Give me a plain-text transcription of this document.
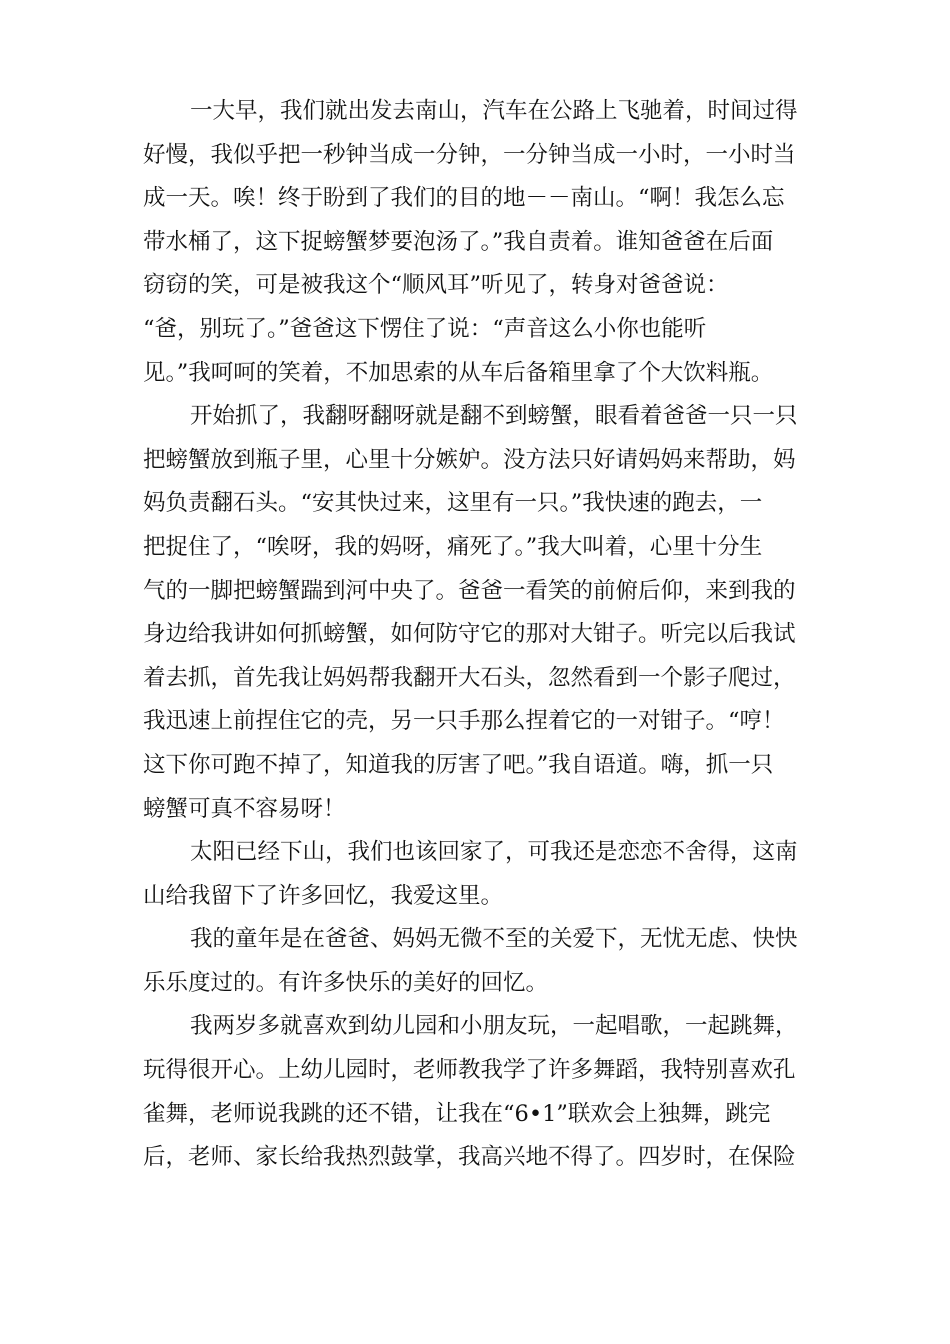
一大早，我们就出发去南山，汽车在公路上飞驰着，时间过得
好慢，我似乎把一秒钟当成一分钟，一分钟当成一小时，一小时当
成一天。唉！终于盼到了我们的目的地－－南山。“啊！我怎么忘
带水桶了，这下捉螃蟹梦要泡汤了。”我自责着。谁知爸爸在后面
窃窃的笑，可是被我这个“顺风耳”听见了，转身对爸爸说：
“爸，别玩了。”爸爸这下愣住了说：“声音这么小你也能听
见。”我呵呵的笑着，不加思索的从车后备箱里拿了个大饮料瓶。
开始抓了，我翻呀翻呀就是翻不到螃蟹，眼看着爸爸一只一只
把螃蟹放到瓶子里，心里十分嫉妒。没方法只好请妈妈来帮助，妈
妈负责翻石头。“安其快过来，这里有一只。”我快速的跑去，一
把捉住了，“唉呀，我的妈呀，痛死了。”我大叫着，心里十分生
气的一脚把螃蟹踹到河中央了。爸爸一看笑的前俯后仰，来到我的
身边给我讲如何抓螃蟹，如何防守它的那对大钳子。听完以后我试
着去抓，首先我让妈妈帮我翻开大石头，忽然看到一个影子爬过，
我迅速上前捏住它的壳，另一只手那么捏着它的一对钳子。“哼！
这下你可跑不掉了，知道我的厉害了吧。”我自语道。嗨，抓一只
螃蟹可真不容易呀！
太阳已经下山，我们也该回家了，可我还是恋恋不舍得，这南
山给我留下了许多回忆，我爱这里。
我的童年是在爸爸、妈妈无微不至的关爱下，无忧无虑、快快
乐乐度过的。有许多快乐的美好的回忆。
我两岁多就喜欢到幼儿园和小朋友玩，一起唱歌，一起跳舞，
玩得很开心。上幼儿园时，老师教我学了许多舞蹈，我特别喜欢孔
雀舞，老师说我跳的还不错，让我在“6•1”联欢会上独舞，跳完
后，老师、家长给我热烈鼓掌，我高兴地不得了。四岁时，在保险
